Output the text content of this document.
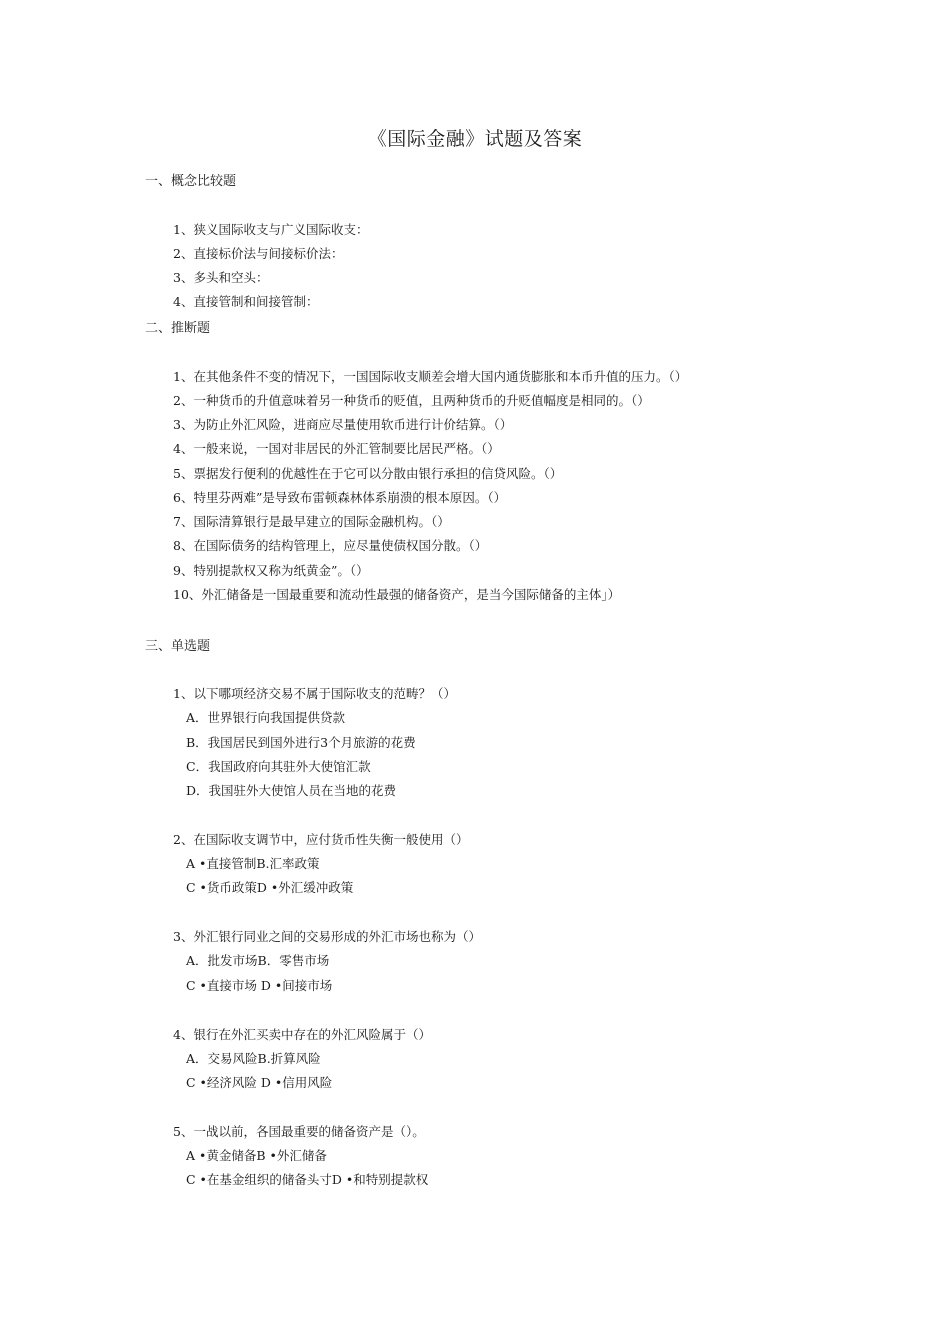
《国际金融》试题及答案
一、概念比较题
1、狭义国际收支与广义国际收支：
2、直接标价法与间接标价法：
3、多头和空头：
4、直接管制和间接管制：
二、推断题
1、在其他条件不变的情况下，一国国际收支顺差会增大国内通货膨胀和本币升值的压力。（）
2、一种货币的升值意味着另一种货币的贬值，且两种货币的升贬值幅度是相同的。（）
3、为防止外汇风险，进商应尽量使用软币进行计价结算。（）
4、一般来说，一国对非居民的外汇管制要比居民严格。（）
5、票据发行便利的优越性在于它可以分散由银行承担的信贷风险。（）
6、特里芬两难”是导致布雷顿森林体系崩溃的根本原因。（）
7、国际清算银行是最早建立的国际金融机构。（）
8、在国际债务的结构管理上，应尽量使债权国分散。（）
9、特别提款权又称为纸黄金”。（）
10、外汇储备是一国最重要和流动性最强的储备资产，是当今国际储备的主体」）
三、单选题
1、以下哪项经济交易不属于国际收支的范畴？（）
A．世界银行向我国提供贷款
B．我国居民到国外进行3个月旅游的花费
C．我国政府向其驻外大使馆汇款
D．我国驻外大使馆人员在当地的花费
2、在国际收支调节中，应付货币性失衡一般使用（）
A •直接管制B.汇率政策
C •货币政策D •外汇缓冲政策
3、外汇银行同业之间的交易形成的外汇市场也称为（）
A．批发市场B．零售市场
C •直接市场 D •间接市场
4、银行在外汇买卖中存在的外汇风险属于（）
A．交易风险B.折算风险
C •经济风险 D •信用风险
5、一战以前，各国最重要的储备资产是（）。
A •黄金储备B •外汇储备
C •在基金组织的储备头寸D •和特别提款权
